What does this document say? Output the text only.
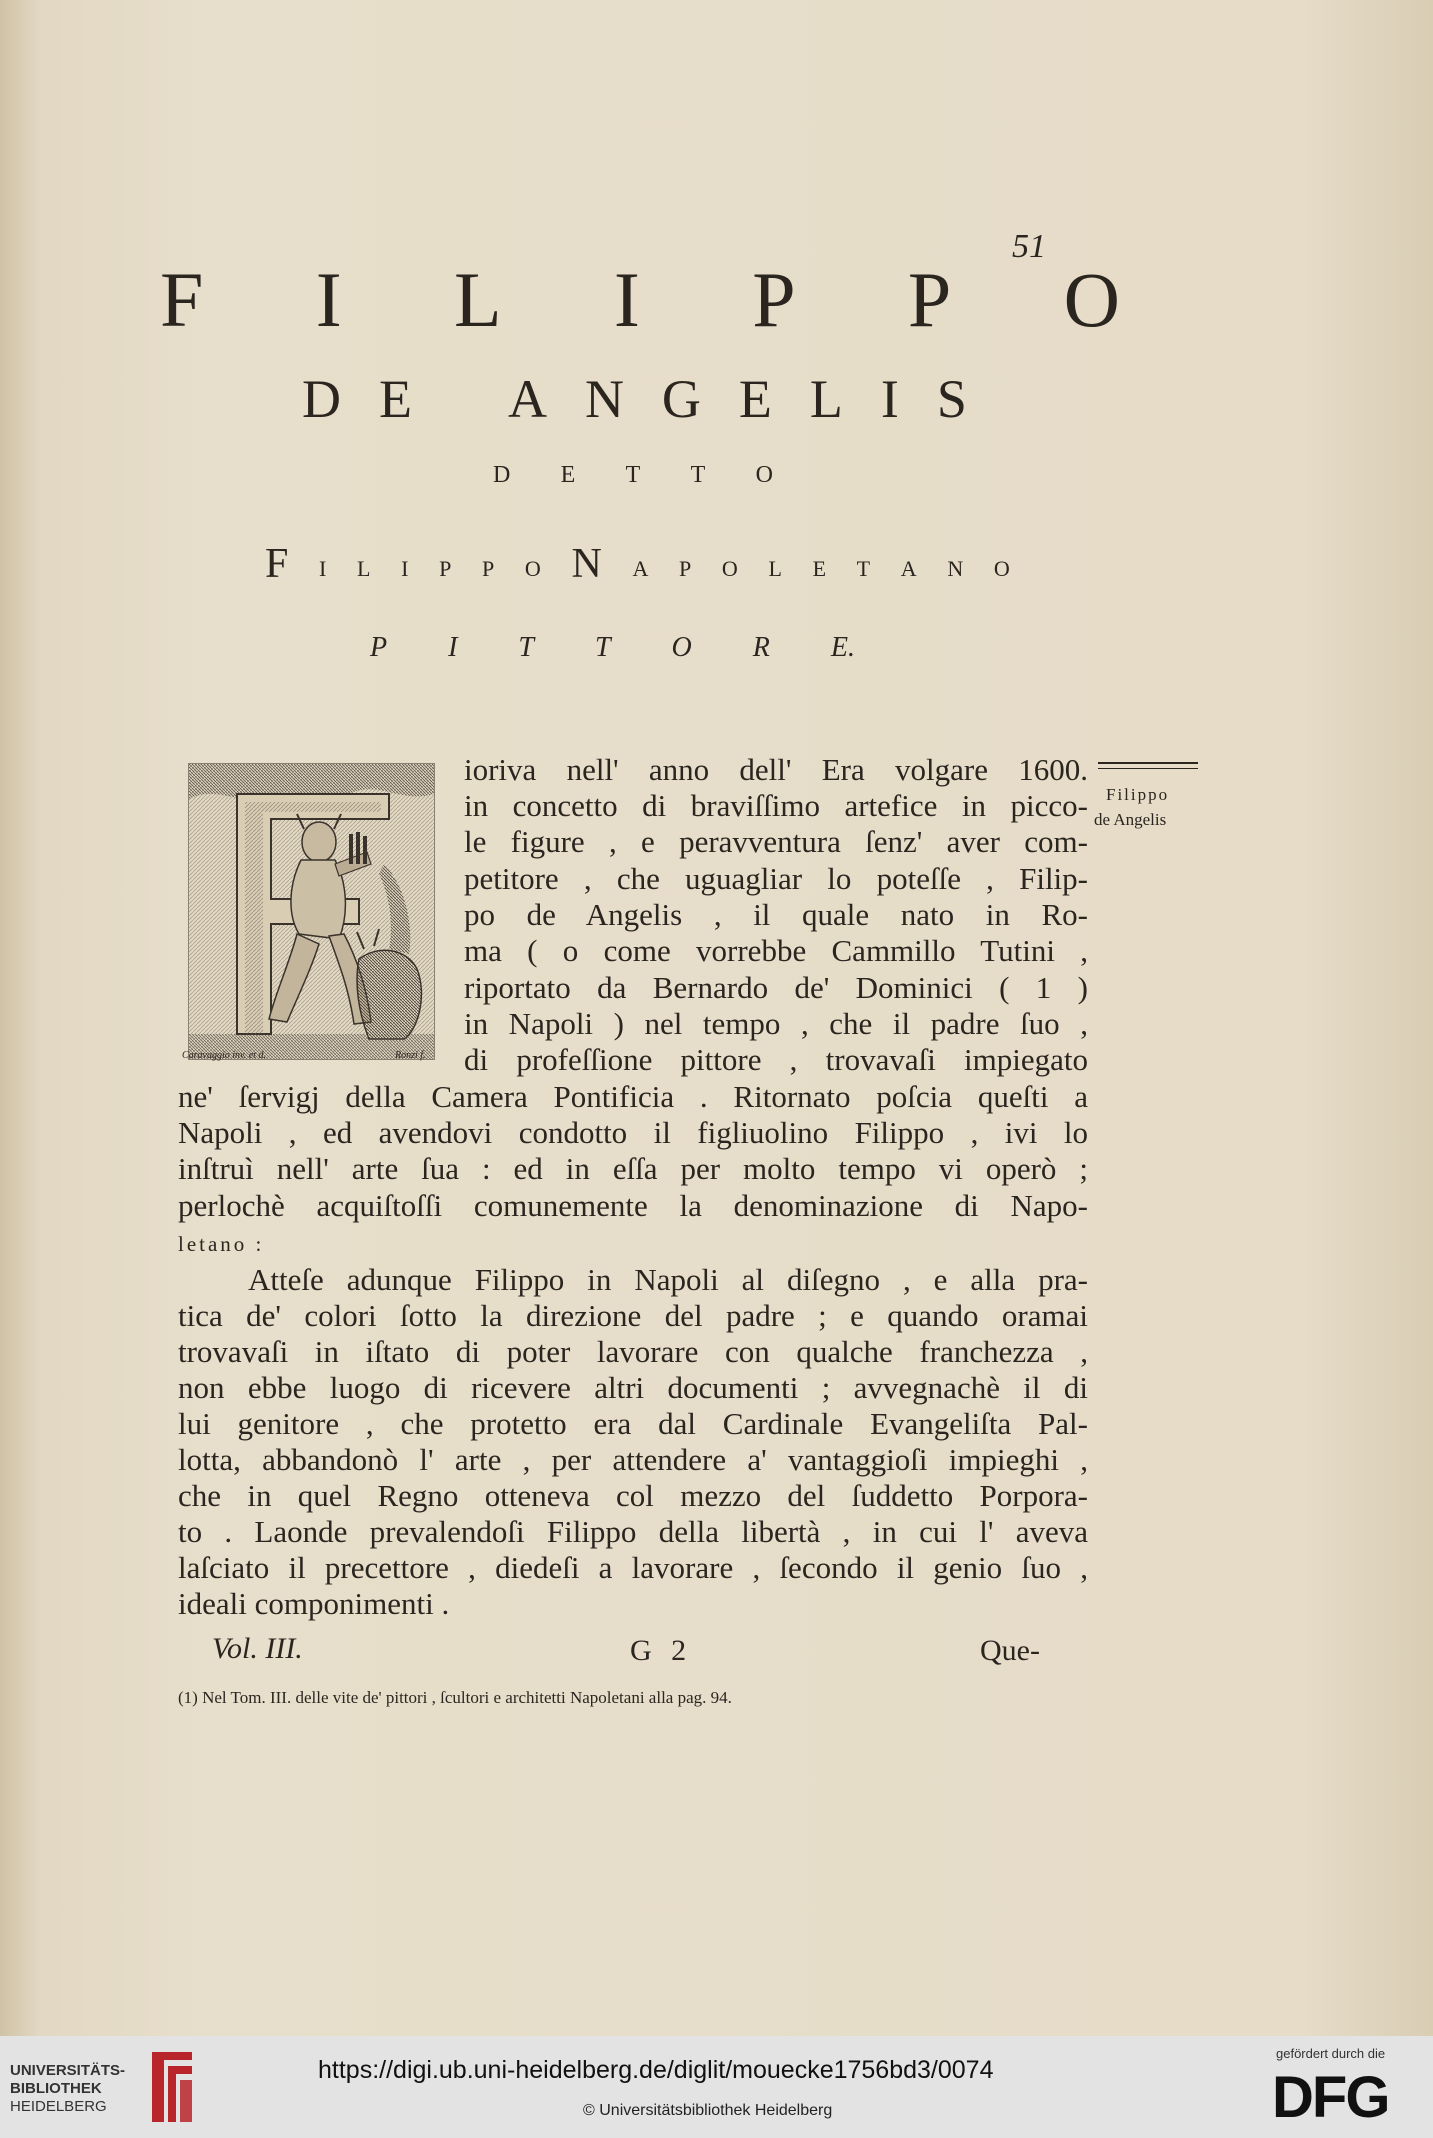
51
F I L I P P O
D E A N G E L I S
D E T T O
F I L I P P O N A P O L E T A N O
P I T T O R E.
Caravaggio inv. et d.	Ronzi f.
Filippo
de Angelis
ioriva nell' anno dell' Era volgare 1600.
in concetto di braviſſimo artefice in picco-
le figure , e peravventura ſenz' aver com-
petitore , che uguagliar lo poteſſe , Filip-
po de Angelis , il quale nato in Ro-
ma ( o come vorrebbe Cammillo Tutini ,
riportato da Bernardo de' Dominici ( 1 )
in Napoli ) nel tempo , che il padre ſuo ,
di profeſſione pittore , trovavaſi impiegato
ne' ſervigj della Camera Pontificia . Ritornato poſcia queſti a
Napoli , ed avendovi condotto il figliuolino Filippo , ivi lo
inſtruì nell' arte ſua : ed in eſſa per molto tempo vi operò ;
perlochè acquiſtoſſi comunemente la denominazione di Napo-
letano :
Atteſe adunque Filippo in Napoli al diſegno , e alla pra-
tica de' colori ſotto la direzione del padre ; e quando oramai
trovavaſi in iſtato di poter lavorare con qualche franchezza ,
non ebbe luogo di ricevere altri documenti ; avvegnachè il di
lui genitore , che protetto era dal Cardinale Evangeliſta Pal-
lotta, abbandonò l' arte , per attendere a' vantaggioſi impieghi ,
che in quel Regno otteneva col mezzo del ſuddetto Porpora-
to . Laonde prevalendoſi Filippo della libertà , in cui l' aveva
laſciato il precettore , diedeſi a lavorare , ſecondo il genio ſuo ,
ideali componimenti .
Vol. III.	G 2	Que-
(1) Nel Tom. III. delle vite de' pittori , ſcultori e architetti Napoletani alla pag. 94.
UNIVERSITÄTS-
BIBLIOTHEK
HEIDELBERG
https://digi.ub.uni-heidelberg.de/diglit/mouecke1756bd3/0074
© Universitätsbibliothek Heidelberg
gefördert durch die
DFG
